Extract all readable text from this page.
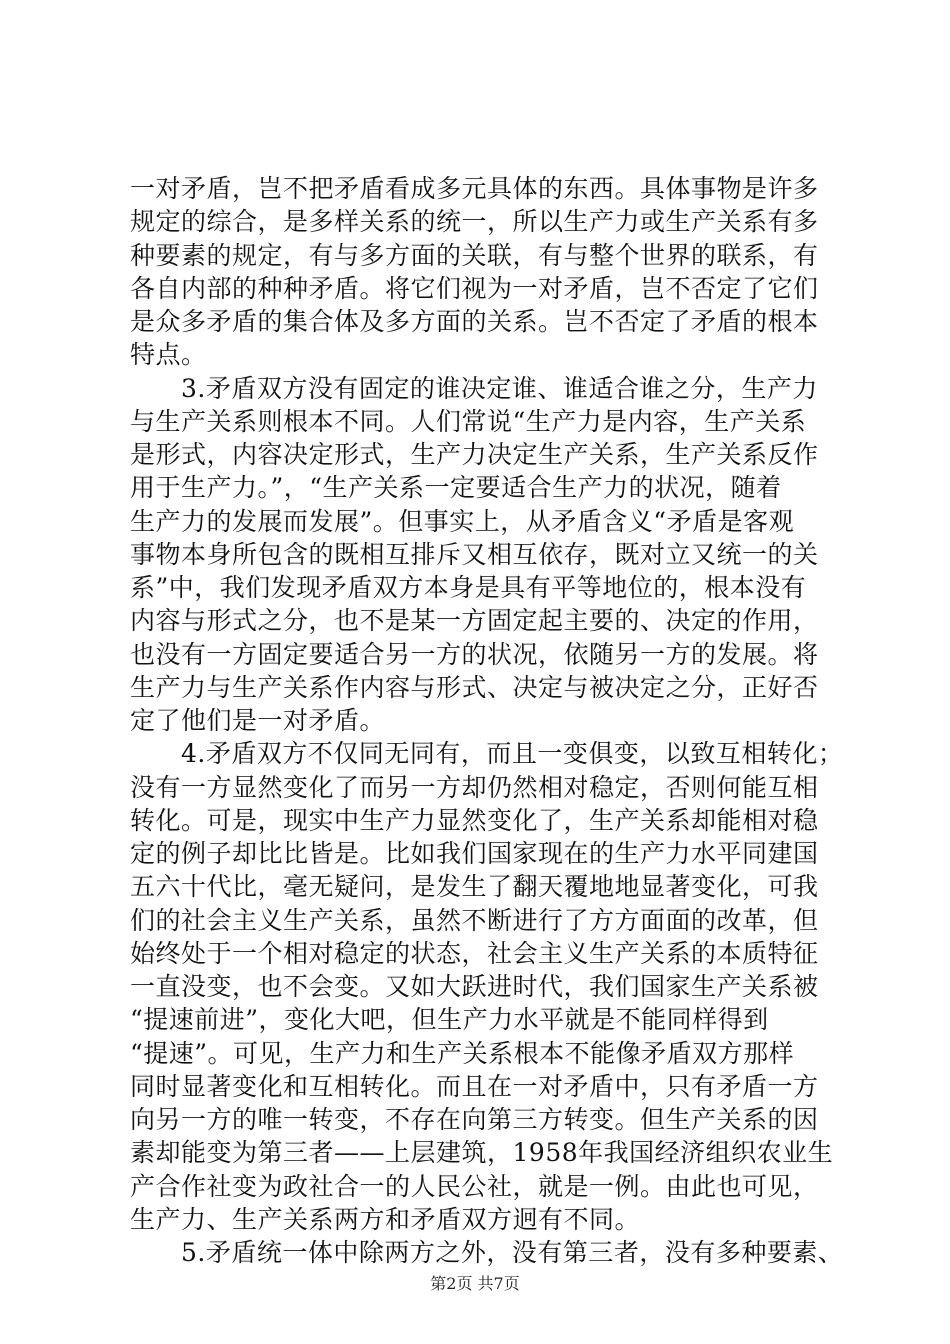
一对矛盾，岂不把矛盾看成多元具体的东西。具体事物是许多
规定的综合，是多样关系的统一，所以生产力或生产关系有多
种要素的规定，有与多方面的关联，有与整个世界的联系，有
各自内部的种种矛盾。将它们视为一对矛盾，岂不否定了它们
是众多矛盾的集合体及多方面的关系。岂不否定了矛盾的根本
特点。
　　3.矛盾双方没有固定的谁决定谁、谁适合谁之分，生产力
与生产关系则根本不同。人们常说“生产力是内容，生产关系
是形式，内容决定形式，生产力决定生产关系，生产关系反作
用于生产力。”，“生产关系一定要适合生产力的状况，随着
生产力的发展而发展”。但事实上，从矛盾含义“矛盾是客观
事物本身所包含的既相互排斥又相互依存，既对立又统一的关
系”中，我们发现矛盾双方本身是具有平等地位的，根本没有
内容与形式之分，也不是某一方固定起主要的、决定的作用，
也没有一方固定要适合另一方的状况，依随另一方的发展。将
生产力与生产关系作内容与形式、决定与被决定之分，正好否
定了他们是一对矛盾。
　　4.矛盾双方不仅同无同有，而且一变俱变，以致互相转化；
没有一方显然变化了而另一方却仍然相对稳定，否则何能互相
转化。可是，现实中生产力显然变化了，生产关系却能相对稳
定的例子却比比皆是。比如我们国家现在的生产力水平同建国
五六十代比，毫无疑问，是发生了翻天覆地地显著变化，可我
们的社会主义生产关系，虽然不断进行了方方面面的改革，但
始终处于一个相对稳定的状态，社会主义生产关系的本质特征
一直没变，也不会变。又如大跃进时代，我们国家生产关系被
“提速前进”，变化大吧，但生产力水平就是不能同样得到
“提速”。可见，生产力和生产关系根本不能像矛盾双方那样
同时显著变化和互相转化。而且在一对矛盾中，只有矛盾一方
向另一方的唯一转变，不存在向第三方转变。但生产关系的因
素却能变为第三者——上层建筑，1958年我国经济组织农业生
产合作社变为政社合一的人民公社，就是一例。由此也可见，
生产力、生产关系两方和矛盾双方迥有不同。
　　5.矛盾统一体中除两方之外，没有第三者，没有多种要素、
第2页 共7页
